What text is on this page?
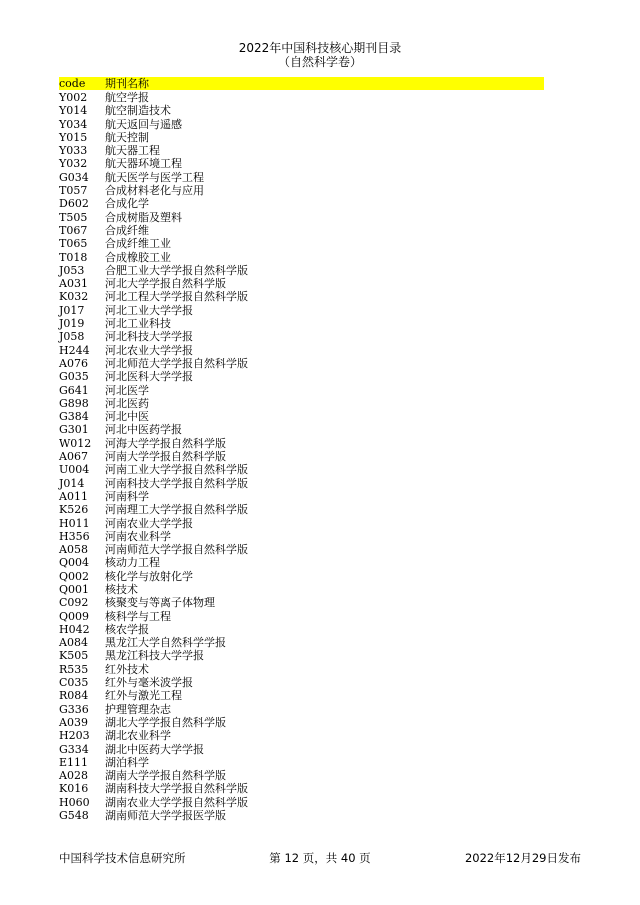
2022年中国科技核心期刊目录
（自然科学卷）
code 期刊名称
Y002 航空学报
Y014 航空制造技术
Y034 航天返回与遥感
Y015 航天控制
Y033 航天器工程
Y032 航天器环境工程
G034 航天医学与医学工程
T057 合成材料老化与应用
D602 合成化学
T505 合成树脂及塑料
T067 合成纤维
T065 合成纤维工业
T018 合成橡胶工业
J053 合肥工业大学学报自然科学版
A031 河北大学学报自然科学版
K032 河北工程大学学报自然科学版
J017 河北工业大学学报
J019 河北工业科技
J058 河北科技大学学报
H244 河北农业大学学报
A076 河北师范大学学报自然科学版
G035 河北医科大学学报
G641 河北医学
G898 河北医药
G384 河北中医
G301 河北中医药学报
W012 河海大学学报自然科学版
A067 河南大学学报自然科学版
U004 河南工业大学学报自然科学版
J014 河南科技大学学报自然科学版
A011 河南科学
K526 河南理工大学学报自然科学版
H011 河南农业大学学报
H356 河南农业科学
A058 河南师范大学学报自然科学版
Q004 核动力工程
Q002 核化学与放射化学
Q001 核技术
C092 核聚变与等离子体物理
Q009 核科学与工程
H042 核农学报
A084 黑龙江大学自然科学学报
K505 黑龙江科技大学学报
R535 红外技术
C035 红外与毫米波学报
R084 红外与激光工程
G336 护理管理杂志
A039 湖北大学学报自然科学版
H203 湖北农业科学
G334 湖北中医药大学学报
E111 湖泊科学
A028 湖南大学学报自然科学版
K016 湖南科技大学学报自然科学版
H060 湖南农业大学学报自然科学版
G548 湖南师范大学学报医学版
中国科学技术信息研究所	第 12 页，共 40 页	2022年12月29日发布
